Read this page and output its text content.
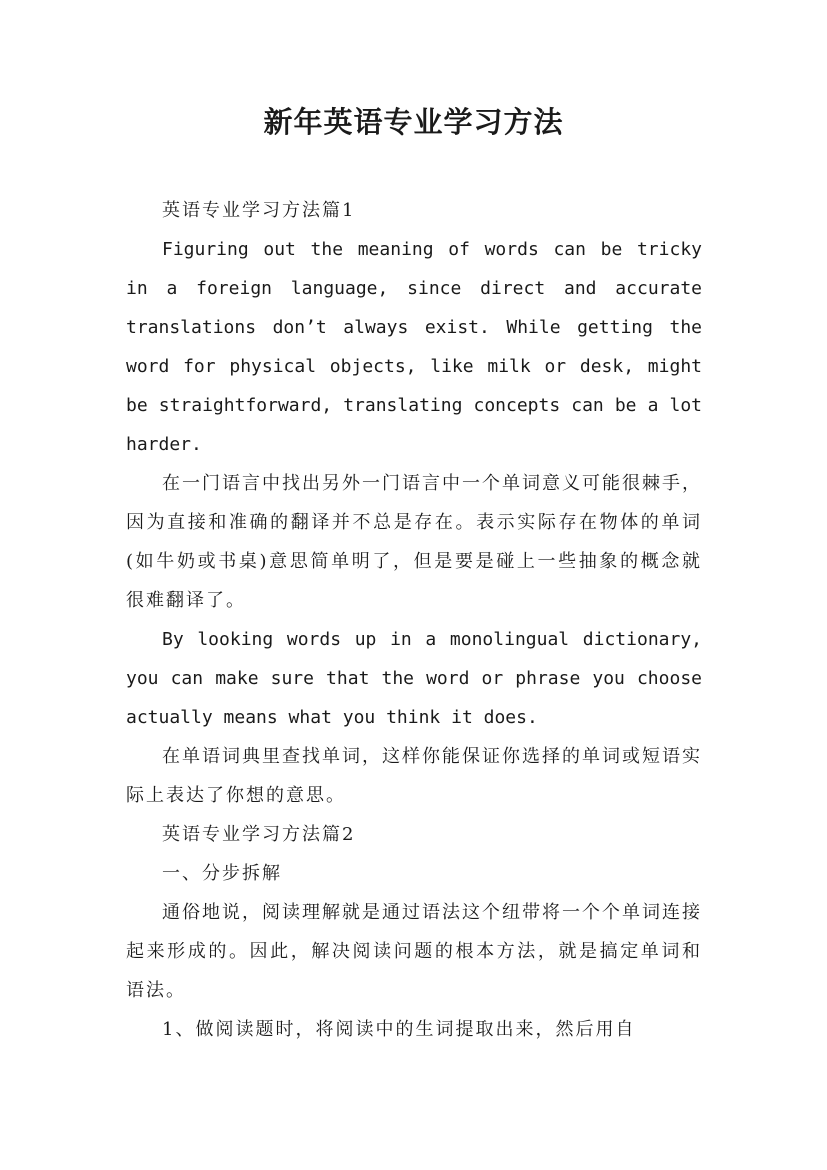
新年英语专业学习方法

英语专业学习方法篇1

Figuring out the meaning of words can be tricky in a foreign language, since direct and accurate translations don’t always exist. While getting the word for physical objects, like milk or desk, might be straightforward, translating concepts can be a lot harder.

在一门语言中找出另外一门语言中一个单词意义可能很棘手，因为直接和准确的翻译并不总是存在。表示实际存在物体的单词(如牛奶或书桌)意思简单明了，但是要是碰上一些抽象的概念就很难翻译了。

By looking words up in a monolingual dictionary, you can make sure that the word or phrase you choose actually means what you think it does.

在单语词典里查找单词，这样你能保证你选择的单词或短语实际上表达了你想的意思。

英语专业学习方法篇2

一、分步拆解

通俗地说，阅读理解就是通过语法这个纽带将一个个单词连接起来形成的。因此，解决阅读问题的根本方法，就是搞定单词和语法。

1、做阅读题时，将阅读中的生词提取出来，然后用自
